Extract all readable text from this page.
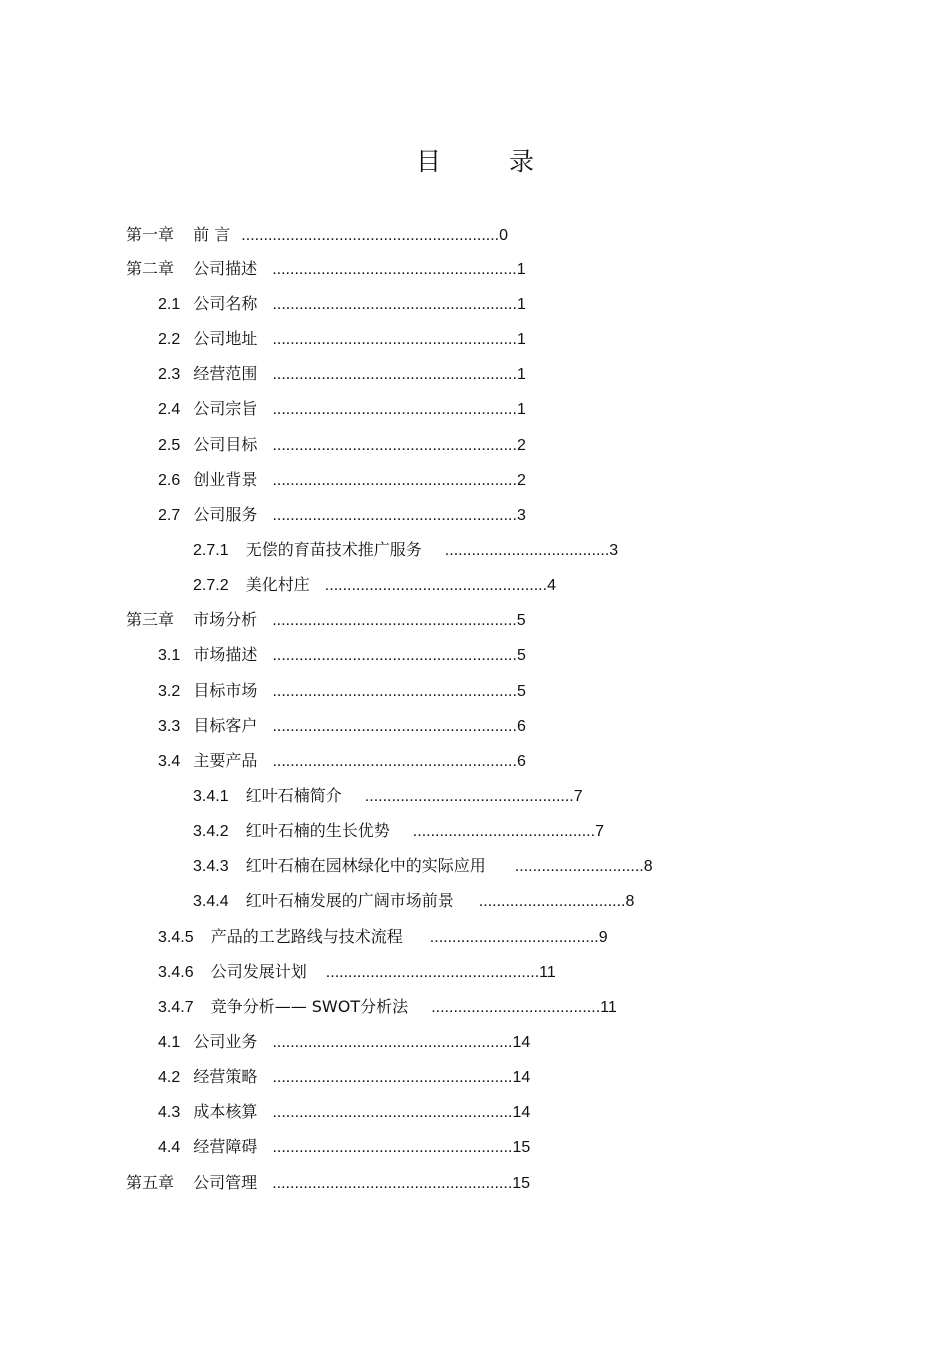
目 录
第一章 前 言 ..........................................................0
第二章 公司描述 .......................................................1
2.1 公司名称 .......................................................1
2.2 公司地址 .......................................................1
2.3 经营范围 .......................................................1
2.4 公司宗旨 .......................................................1
2.5 公司目标 .......................................................2
2.6 创业背景 .......................................................2
2.7 公司服务 .......................................................3
2.7.1 无偿的育苗技术推广服务 .....................................3
2.7.2 美化村庄 ..................................................4
第三章 市场分析 .......................................................5
3.1 市场描述 .......................................................5
3.2 目标市场 .......................................................5
3.3 目标客户 .......................................................6
3.4 主要产品 .......................................................6
3.4.1 红叶石楠简介 ...............................................7
3.4.2 红叶石楠的生长优势 .........................................7
3.4.3 红叶石楠在园林绿化中的实际应用 .............................8
3.4.4 红叶石楠发展的广阔市场前景 .................................8
3.4.5 产品的工艺路线与技术流程 ......................................9
3.4.6 公司发展计划 ................................................11
3.4.7 竞争分析—— SWOT分析法 ......................................11
4.1 公司业务 ......................................................14
4.2 经营策略 ......................................................14
4.3 成本核算 ......................................................14
4.4 经营障碍 ......................................................15
第五章 公司管理 ......................................................15
